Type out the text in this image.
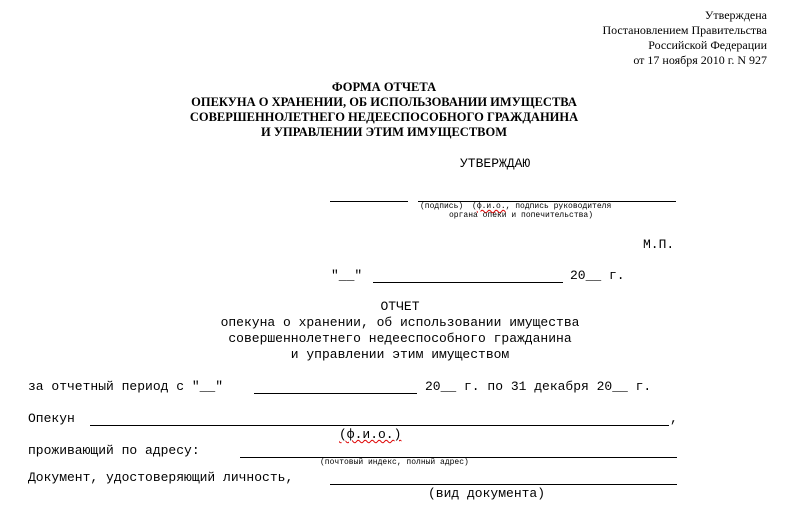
Утверждена
Постановлением Правительства
Российской Федерации
от 17 ноября 2010 г. N 927
ФОРМА ОТЧЕТА
ОПЕКУНА О ХРАНЕНИИ, ОБ ИСПОЛЬЗОВАНИИ ИМУЩЕСТВА
СОВЕРШЕННОЛЕТНЕГО НЕДЕЕСПОСОБНОГО ГРАЖДАНИНА
И УПРАВЛЕНИИ ЭТИМ ИМУЩЕСТВОМ
УТВЕРЖДАЮ
(подпись) (ф.и.о., подпись руководителя
органа опеки и попечительства)
М.П.
"__"	20__ г.
ОТЧЕТ
опекуна о хранении, об использовании имущества
совершеннолетнего недееспособного гражданина
и управлении этим имуществом
за отчетный период с "__"	20__ г. по 31 декабря 20__ г.
Опекун	,
(ф.и.о.)
проживающий по адресу:
(почтовый индекс, полный адрес)
Документ, удостоверяющий личность,
(вид документа)
